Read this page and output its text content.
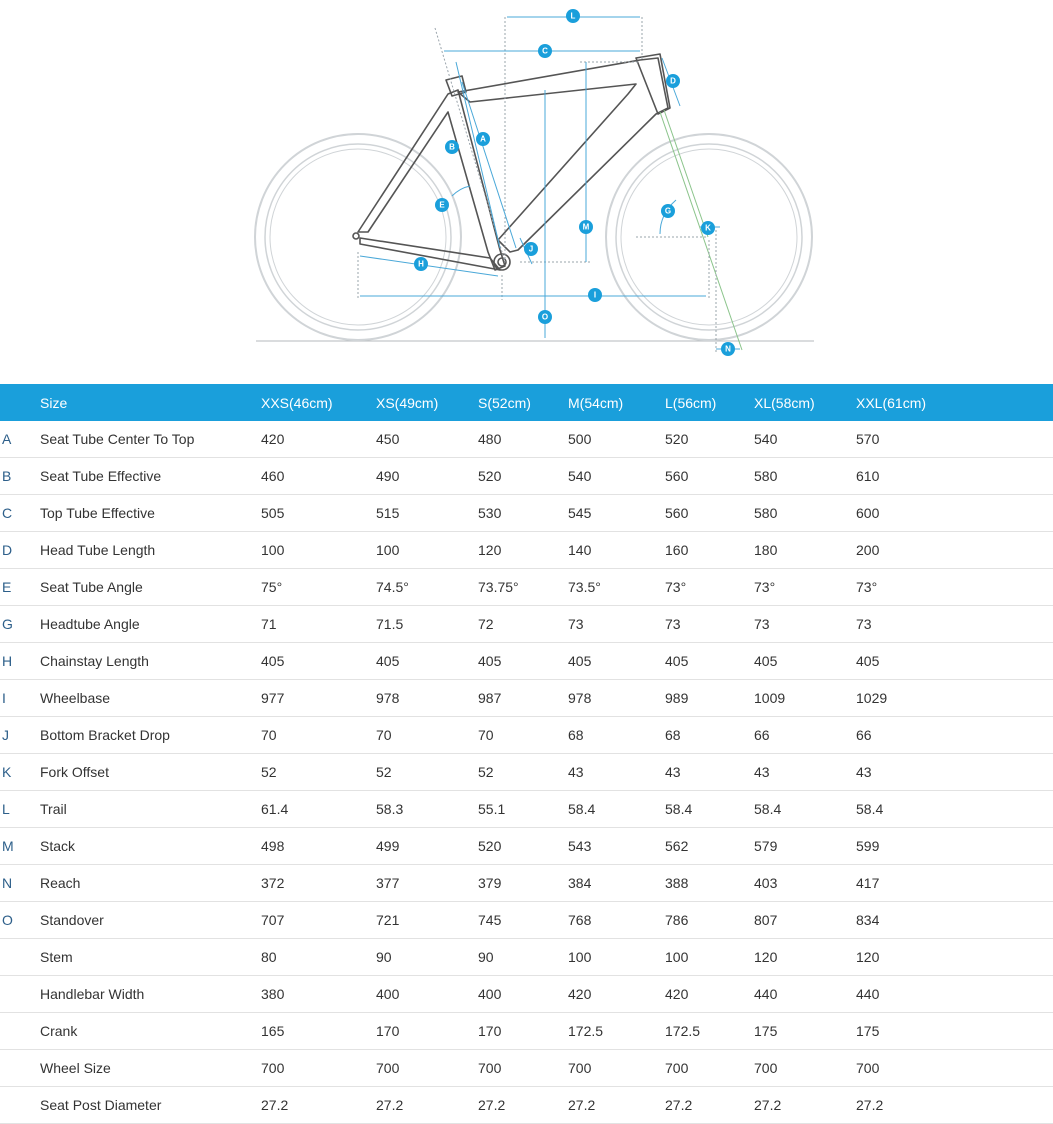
L
C
D
A
B
E
G
K
M
J
H
I
O
N
	Size	XXS(46cm)	XS(49cm)	S(52cm)	M(54cm)	L(56cm)	XL(58cm)	XXL(61cm)	
A	Seat Tube Center To Top	420	450	480	500	520	540	570	
B	Seat Tube Effective	460	490	520	540	560	580	610	
C	Top Tube Effective	505	515	530	545	560	580	600	
D	Head Tube Length	100	100	120	140	160	180	200	
E	Seat Tube Angle	75°	74.5°	73.75°	73.5°	73°	73°	73°	
G	Headtube Angle	71	71.5	72	73	73	73	73	
H	Chainstay Length	405	405	405	405	405	405	405	
I	Wheelbase	977	978	987	978	989	1009	1029	
J	Bottom Bracket Drop	70	70	70	68	68	66	66	
K	Fork Offset	52	52	52	43	43	43	43	
L	Trail	61.4	58.3	55.1	58.4	58.4	58.4	58.4	
M	Stack	498	499	520	543	562	579	599	
N	Reach	372	377	379	384	388	403	417	
O	Standover	707	721	745	768	786	807	834	
	Stem	80	90	90	100	100	120	120	
	Handlebar Width	380	400	400	420	420	440	440	
	Crank	165	170	170	172.5	172.5	175	175	
	Wheel Size	700	700	700	700	700	700	700	
	Seat Post Diameter	27.2	27.2	27.2	27.2	27.2	27.2	27.2	
